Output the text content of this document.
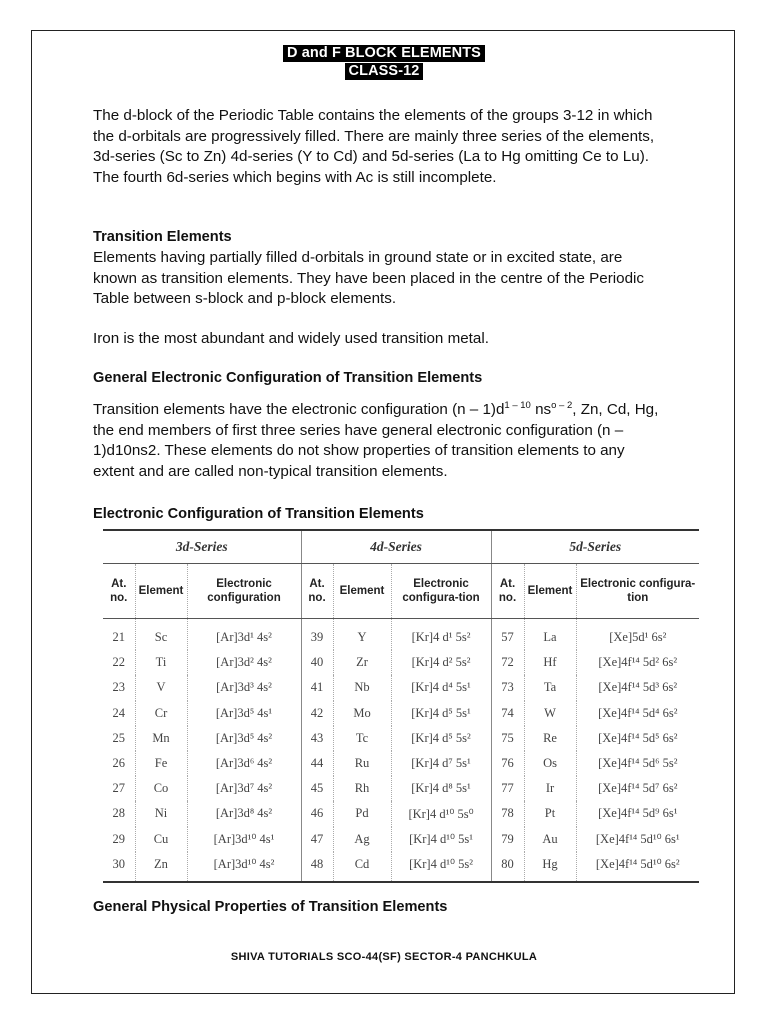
D and F BLOCK ELEMENTS
CLASS-12

The d-block of the Periodic Table contains the elements of the groups 3-12 in which the d-orbitals are progressively filled. There are mainly three series of the elements, 3d-series (Sc to Zn) 4d-series (Y to Cd) and 5d-series (La to Hg omitting Ce to Lu). The fourth 6d-series which begins with Ac is still incomplete.

Transition Elements

Elements having partially filled d-orbitals in ground state or in excited state, are known as transition elements. They have been placed in the centre of the Periodic Table between s-block and p-block elements.

Iron is the most abundant and widely used transition metal.

General Electronic Configuration of Transition Elements

Transition elements have the electronic configuration $(n - 1)d^{1 - 10}$ $ns^{o - 2}$, Zn, Cd, Hg, the end members of first three series have general electronic configuration (n – 1)d10ns2. These elements do not show properties of transition elements to any extent and are called non-typical transition elements.

Electronic Configuration of Transition Elements

3d-Series			4d-Series			5d-Series		
At. no.	Element	Electronic configuration	At. no.	Element	Electronic configura-tion	At. no.	Element	Electronic configura-tion
21	Sc	[Ar]3d¹ 4s²	39	Y	[Kr]4 d¹ 5s²	57	La	[Xe]5d¹ 6s²
22	Ti	[Ar]3d² 4s²	40	Zr	[Kr]4 d² 5s²	72	Hf	[Xe]4f¹⁴ 5d² 6s²
23	V	[Ar]3d³ 4s²	41	Nb	[Kr]4 d⁴ 5s¹	73	Ta	[Xe]4f¹⁴ 5d³ 6s²
24	Cr	[Ar]3d⁵ 4s¹	42	Mo	[Kr]4 d⁵ 5s¹	74	W	[Xe]4f¹⁴ 5d⁴ 6s²
25	Mn	[Ar]3d⁵ 4s²	43	Tc	[Kr]4 d⁵ 5s²	75	Re	[Xe]4f¹⁴ 5d⁵ 6s²
26	Fe	[Ar]3d⁶ 4s²	44	Ru	[Kr]4 d⁷ 5s¹	76	Os	[Xe]4f¹⁴ 5d⁶ 5s²
27	Co	[Ar]3d⁷ 4s²	45	Rh	[Kr]4 d⁸ 5s¹	77	Ir	[Xe]4f¹⁴ 5d⁷ 6s²
28	Ni	[Ar]3d⁸ 4s²	46	Pd	[Kr]4 d¹⁰ 5s⁰	78	Pt	[Xe]4f¹⁴ 5d⁹ 6s¹
29	Cu	[Ar]3d¹⁰ 4s¹	47	Ag	[Kr]4 d¹⁰ 5s¹	79	Au	[Xe]4f¹⁴ 5d¹⁰ 6s¹
30	Zn	[Ar]3d¹⁰ 4s²	48	Cd	[Kr]4 d¹⁰ 5s²	80	Hg	[Xe]4f¹⁴ 5d¹⁰ 6s²

General Physical Properties of Transition Elements

SHIVA TUTORIALS SCO-44(SF) SECTOR-4 PANCHKULA
